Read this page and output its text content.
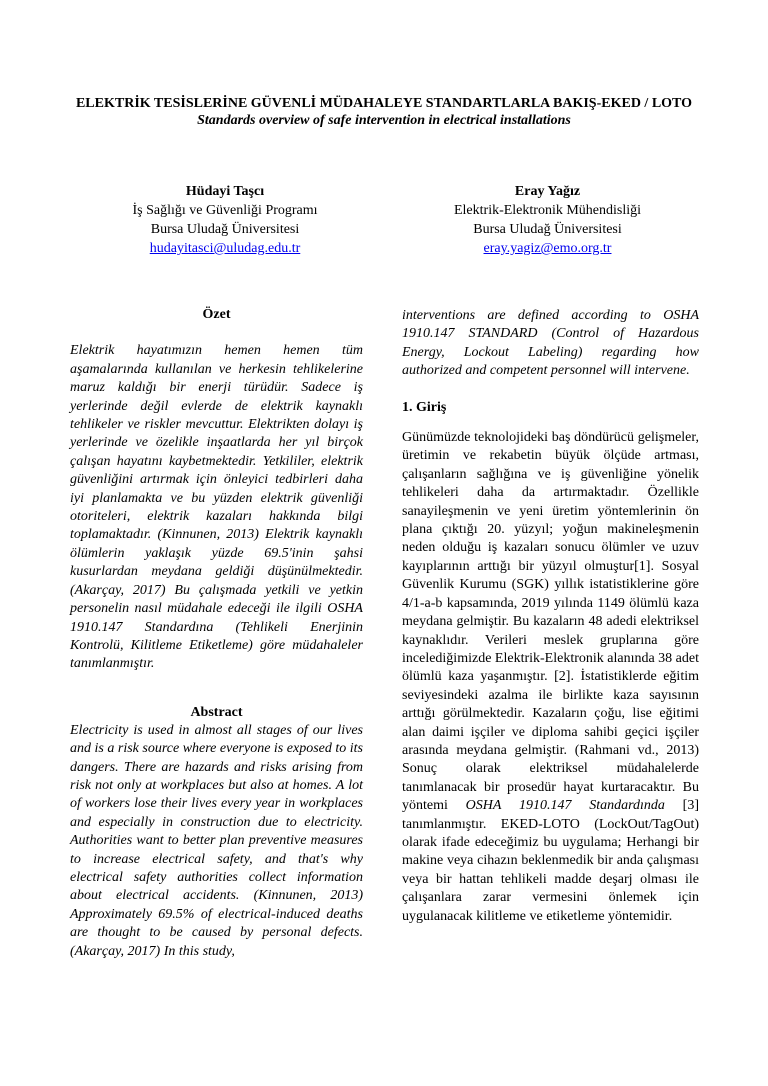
ELEKTRİK TESİSLERİNE GÜVENLİ MÜDAHALEYE STANDARTLARLA BAKIŞ-EKED / LOTO

Standards overview of safe intervention in electrical installations

Hüdayi Taşcı
İş Sağlığı ve Güvenliği Programı
Bursa Uludağ Üniversitesi
hudayitasci@uludag.edu.tr
Eray Yağız
Elektrik-Elektronik Mühendisliği
Bursa Uludağ Üniversitesi
eray.yagiz@emo.org.tr

Özet

Elektrik hayatımızın hemen hemen tüm aşamalarında kullanılan ve herkesin tehlikelerine maruz kaldığı bir enerji türüdür. Sadece iş yerlerinde değil evlerde de elektrik kaynaklı tehlikeler ve riskler mevcuttur. Elektrikten dolayı iş yerlerinde ve özelikle inşaatlarda her yıl birçok çalışan hayatını kaybetmektedir. Yetkililer, elektrik güvenliğini artırmak için önleyici tedbirleri daha iyi planlamakta ve bu yüzden elektrik güvenliği otoriteleri, elektrik kazaları hakkında bilgi toplamaktadır. (Kinnunen, 2013) Elektrik kaynaklı ölümlerin yaklaşık yüzde 69.5'inin şahsi kusurlardan meydana geldiği düşünülmektedir. (Akarçay, 2017) Bu çalışmada yetkili ve yetkin personelin nasıl müdahale edeceği ile ilgili OSHA 1910.147 Standardına (Tehlikeli Enerjinin Kontrolü, Kilitleme Etiketleme) göre müdahaleler tanımlanmıştır.

Abstract

Electricity is used in almost all stages of our lives and is a risk source where everyone is exposed to its dangers. There are hazards and risks arising from risk not only at workplaces but also at homes. A lot of workers lose their lives every year in workplaces and especially in construction due to electricity. Authorities want to better plan preventive measures to increase electrical safety, and that's why electrical safety authorities collect information about electrical accidents. (Kinnunen, 2013) Approximately 69.5% of electrical-induced deaths are thought to be caused by personal defects. (Akarçay, 2017) In this study,

interventions are defined according to OSHA 1910.147 STANDARD (Control of Hazardous Energy, Lockout Labeling) regarding how authorized and competent personnel will intervene.

1. Giriş

Günümüzde teknolojideki baş döndürücü gelişmeler, üretimin ve rekabetin büyük ölçüde artması, çalışanların sağlığına ve iş güvenliğine yönelik tehlikeleri daha da artırmaktadır. Özellikle sanayileşmenin ve yeni üretim yöntemlerinin ön plana çıktığı 20. yüzyıl; yoğun makineleşmenin neden olduğu iş kazaları sonucu ölümler ve uzuv kayıplarının arttığı bir yüzyıl olmuştur[1]. Sosyal Güvenlik Kurumu (SGK) yıllık istatistiklerine göre 4/1-a-b kapsamında, 2019 yılında 1149 ölümlü kaza meydana gelmiştir. Bu kazaların 48 adedi elektriksel kaynaklıdır. Verileri meslek gruplarına göre incelediğimizde Elektrik-Elektronik alanında 38 adet ölümlü kaza yaşanmıştır. [2]. İstatistiklerde eğitim seviyesindeki azalma ile birlikte kaza sayısının arttığı görülmektedir. Kazaların çoğu, lise eğitimi alan daimi işçiler ve diploma sahibi geçici işçiler arasında meydana gelmiştir. (Rahmani vd., 2013) Sonuç olarak elektriksel müdahalelerde tanımlanacak bir prosedür hayat kurtaracaktır. Bu yöntemi OSHA 1910.147 Standardında [3] tanımlanmıştır. EKED-LOTO (LockOut/TagOut) olarak ifade edeceğimiz bu uygulama; Herhangi bir makine veya cihazın beklenmedik bir anda çalışması veya bir hattan tehlikeli madde deşarj olması ile çalışanlara zarar vermesini önlemek için uygulanacak kilitleme ve etiketleme yöntemidir.
